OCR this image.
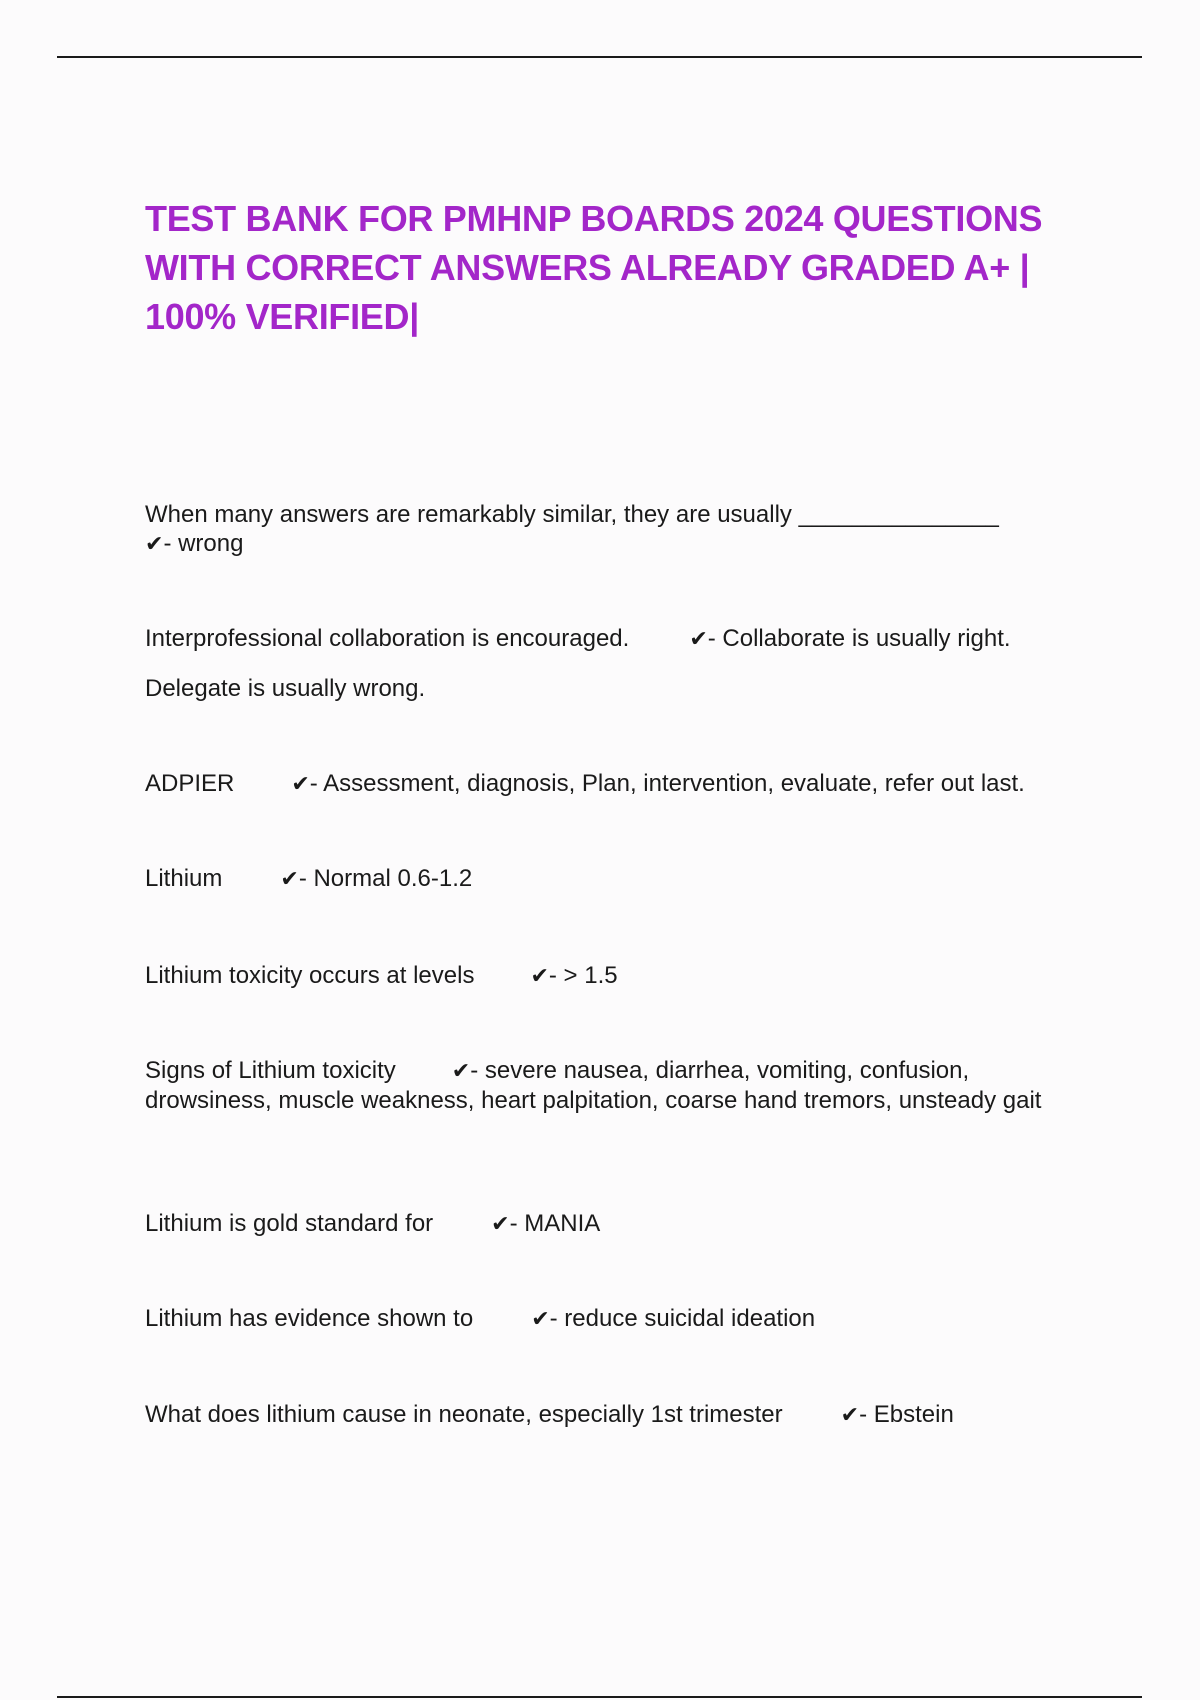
TEST BANK FOR PMHNP BOARDS 2024 QUESTIONS WITH CORRECT ANSWERS ALREADY GRADED A+ | 100% VERIFIED|
When many answers are remarkably similar, they are usually _______________
✔- wrong
Interprofessional collaboration is encouraged.	✔- Collaborate is usually right.
Delegate is usually wrong.
ADPIER	✔- Assessment, diagnosis, Plan, intervention, evaluate, refer out last.
Lithium	✔- Normal 0.6-1.2
Lithium toxicity occurs at levels	✔- > 1.5
Signs of Lithium toxicity	✔- severe nausea, diarrhea, vomiting, confusion, drowsiness, muscle weakness, heart palpitation, coarse hand tremors, unsteady gait
Lithium is gold standard for	✔- MANIA
Lithium has evidence shown to	✔- reduce suicidal ideation
What does lithium cause in neonate, especially 1st trimester	✔- Ebstein
